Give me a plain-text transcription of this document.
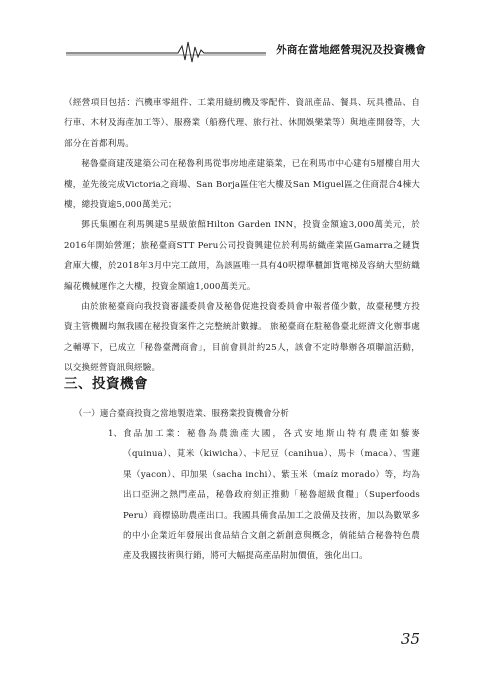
外商在當地經營現況及投資機會

（經營項目包括：汽機車零組件、工業用縫紉機及零配件、資訊產品、餐具、玩具禮品、自行車、木材及海產加工等）、服務業（船務代理、旅行社、休閒娛樂業等）與地產開發等，大部分在首都利馬。

秘魯臺商建茂建築公司在秘魯利馬從事房地產建築業，已在利馬市中心建有5層樓自用大樓，並先後完成Victoria之商場、San Borja區住宅大樓及San Miguel區之住商混合4棟大樓，總投資逾5,000萬美元；

鄧氏集團在利馬興建5星級旅館Hilton Garden INN，投資金額逾3,000萬美元，於2016年開始營運；旅秘臺商STT Peru公司投資興建位於利馬紡織產業區Gamarra之鏈貨倉庫大樓，於2018年3月中完工啟用，為該區唯一具有40呎標準櫃卸貨電梯及容納大型紡織編花機械運作之大樓，投資金額逾1,000萬美元。

由於旅秘臺商向我投資審議委員會及秘魯促進投資委員會申報者僅少數，故臺秘雙方投資主管機關均無我國在秘投資案件之完整統計數據。 旅秘臺商在駐秘魯臺北經濟文化辦事處之輔導下，已成立「秘魯臺灣商會」，目前會員計約25人，該會不定時舉辦各項聯誼活動，以交換經營資訊與經驗。

三、投資機會
（一）適合臺商投資之當地製造業、服務業投資機會分析
1、 食品加工業：秘魯為農漁產大國，各式安地斯山特有農產如藜麥（quinua）、莧米（kiwicha）、卡尼豆（canihua）、馬卡（maca）、雪蓮果（yacon）、印加果（sacha inchi）、紫玉米（maíz morado）等，均為出口亞洲之熱門產品，秘魯政府刻正推動「秘魯超級食糧」（Superfoods Peru）商標協助農產出口。我國具備食品加工之設備及技術，加以為數眾多的中小企業近年發展出食品結合文創之新創意與概念，倘能結合秘魯特色農產及我國技術與行銷，將可大幅提高產品附加價值，強化出口。

35
